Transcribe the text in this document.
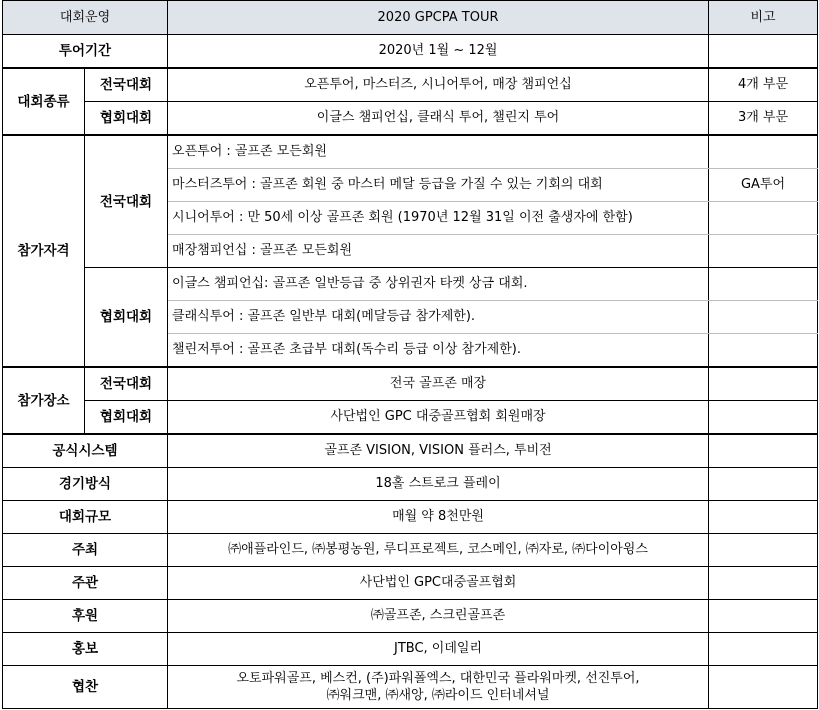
대회운영		2020 GPCPA TOUR	비고
투어기간		2020년 1월 ~ 12월	
대회종류	전국대회	오픈투어, 마스터즈, 시니어투어, 매장 챔피언십	4개 부문
	협회대회	이글스 챔피언십, 클래식 투어, 챌린지 투어	3개 부문
참가자격	전국대회	오픈투어 : 골프존 모든회원	
		마스터즈투어 : 골프존 회원 중 마스터 메달 등급을 가질 수 있는 기회의 대회	GA투어
		시니어투어 : 만 50세 이상 골프존 회원 (1970년 12월 31일 이전 출생자에 한함)	
		매장챔피언십 : 골프존 모든회원	
	협회대회	이글스 챔피언십: 골프존 일반등급 중 상위권자 타켓 상금 대회.	
		클래식투어 : 골프존 일반부 대회(메달등급 참가제한).	
		챌린저투어 : 골프존 초급부 대회(독수리 등급 이상 참가제한).	
참가장소	전국대회	전국 골프존 매장	
	협회대회	사단법인 GPC 대중골프협회 회원매장	
공식시스템		골프존 VISION, VISION 플러스, 투비전	
경기방식		18홀 스트로크 플레이	
대회규모		매월 약 8천만원	
주최		㈜애플라인드, ㈜봉평농원, 루디프로젝트, 코스메인, ㈜자로, ㈜다이아윙스	
주관		사단법인 GPC대중골프협회	
후원		㈜골프존, 스크린골프존	
홍보		JTBC, 이데일리	
협찬		오토파워골프, 베스컨, (주)파워폴엑스, 대한민국 플라워마켓, 선진투어,
㈜워크맨, ㈜새앙, ㈜라이드 인터네셔널	
